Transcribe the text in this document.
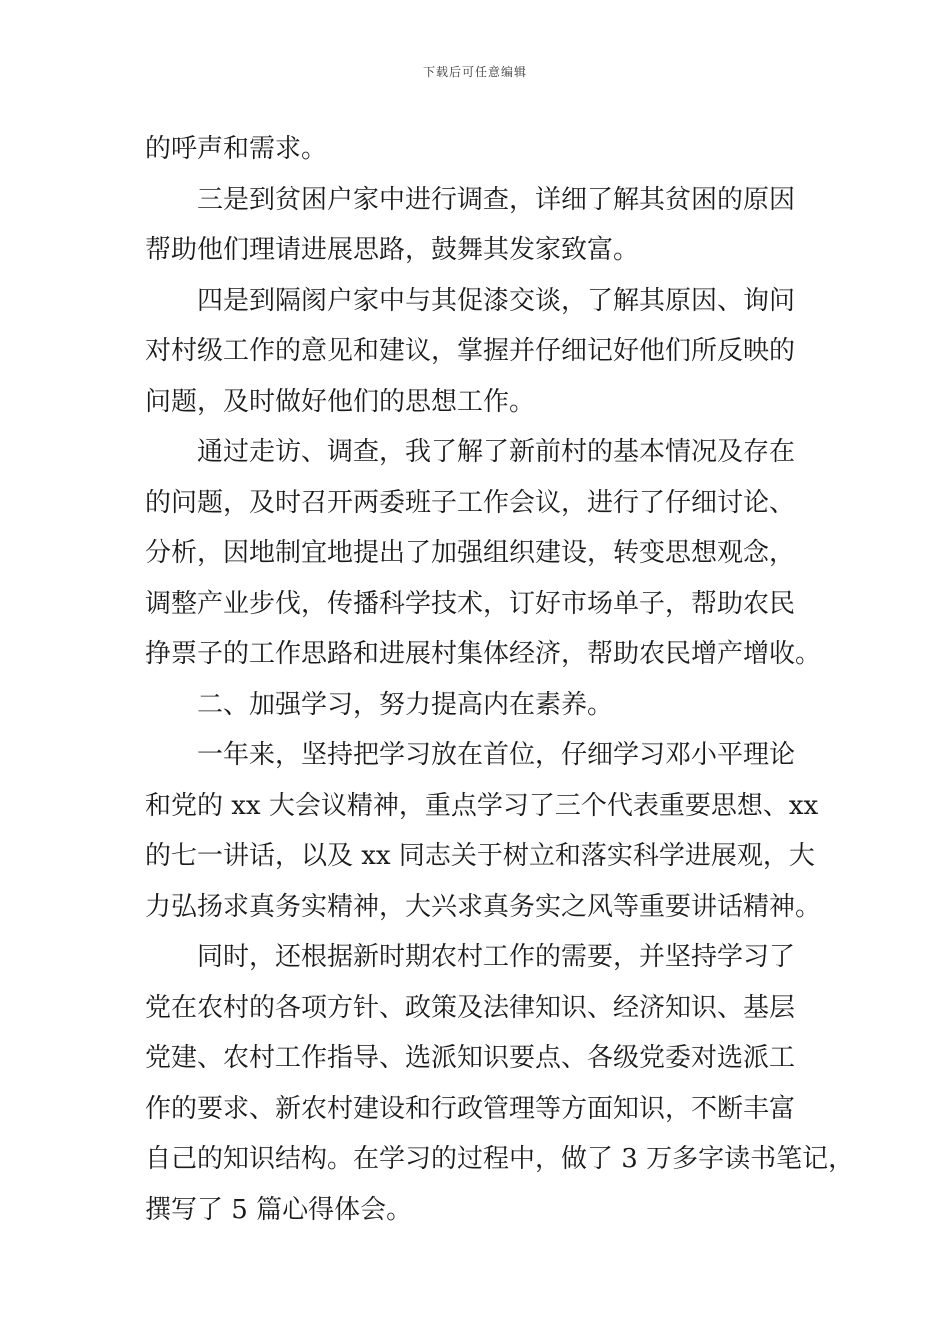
下载后可任意编辑
的呼声和需求。
三是到贫困户家中进行调查，详细了解其贫困的原因
帮助他们理请进展思路，鼓舞其发家致富。
四是到隔阂户家中与其促漆交谈，了解其原因、询问
对村级工作的意见和建议，掌握并仔细记好他们所反映的
问题，及时做好他们的思想工作。
通过走访、调查，我了解了新前村的基本情况及存在
的问题，及时召开两委班子工作会议，进行了仔细讨论、
分析，因地制宜地提出了加强组织建设，转变思想观念，
调整产业步伐，传播科学技术，订好市场单子，帮助农民
挣票子的工作思路和进展村集体经济，帮助农民增产增收。
二、加强学习，努力提高内在素养。
一年来，坚持把学习放在首位，仔细学习邓小平理论
和党的 xx 大会议精神，重点学习了三个代表重要思想、xx
的七一讲话，以及 xx 同志关于树立和落实科学进展观，大
力弘扬求真务实精神，大兴求真务实之风等重要讲话精神。
同时，还根据新时期农村工作的需要，并坚持学习了
党在农村的各项方针、政策及法律知识、经济知识、基层
党建、农村工作指导、选派知识要点、各级党委对选派工
作的要求、新农村建设和行政管理等方面知识，不断丰富
自己的知识结构。在学习的过程中，做了 3 万多字读书笔记，
撰写了 5 篇心得体会。
